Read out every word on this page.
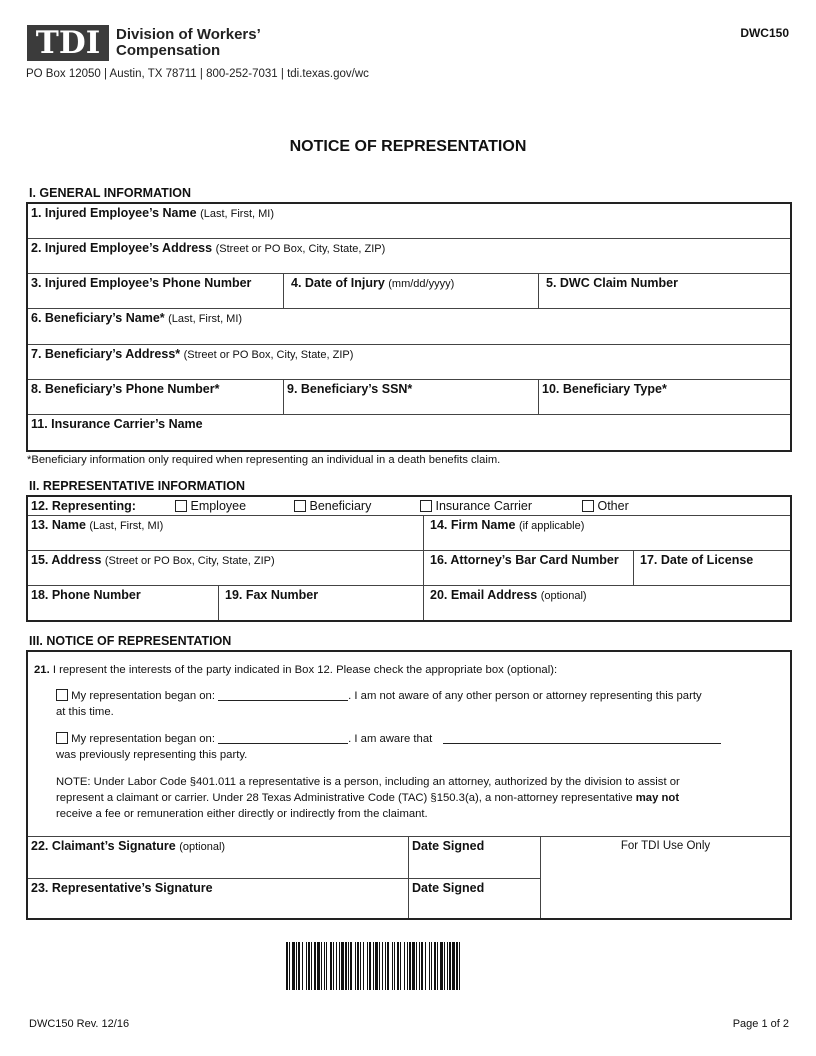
TDI	Division of Workers’
Compensation
PO Box 12050 | Austin, TX 78711 | 800-252-7031 | tdi.texas.gov/wc
DWC150
NOTICE OF REPRESENTATION
I. GENERAL INFORMATION
1. Injured Employee’s Name (Last, First, MI)
2. Injured Employee’s Address (Street or PO Box, City, State, ZIP)
3. Injured Employee’s Phone Number	4. Date of Injury (mm/dd/yyyy)	5. DWC Claim Number
6. Beneficiary’s Name* (Last, First, MI)
7. Beneficiary’s Address* (Street or PO Box, City, State, ZIP)
8. Beneficiary’s Phone Number*	9. Beneficiary’s SSN*	10. Beneficiary Type*
11. Insurance Carrier’s Name
*Beneficiary information only required when representing an individual in a death benefits claim.
II. REPRESENTATIVE INFORMATION
12. Representing:	Employee	Beneficiary	Insurance Carrier	Other
13. Name (Last, First, MI)	14. Firm Name (if applicable)
15. Address (Street or PO Box, City, State, ZIP)	16. Attorney’s Bar Card Number	17. Date of License
18. Phone Number	19. Fax Number	20. Email Address (optional)
III. NOTICE OF REPRESENTATION
21. I represent the interests of the party indicated in Box 12. Please check the appropriate box (optional):
My representation began on:	. I am not aware of any other person or attorney representing this party
at this time.
My representation began on:	. I am aware that
was previously representing this party.
NOTE: Under Labor Code §401.011 a representative is a person, including an attorney, authorized by the division to assist or
represent a claimant or carrier. Under 28 Texas Administrative Code (TAC) §150.3(a), a non-attorney representative may not
receive a fee or remuneration either directly or indirectly from the claimant.
22. Claimant’s Signature (optional)	Date Signed	For TDI Use Only
23. Representative’s Signature	Date Signed
DWC150 Rev. 12/16	Page 1 of 2
